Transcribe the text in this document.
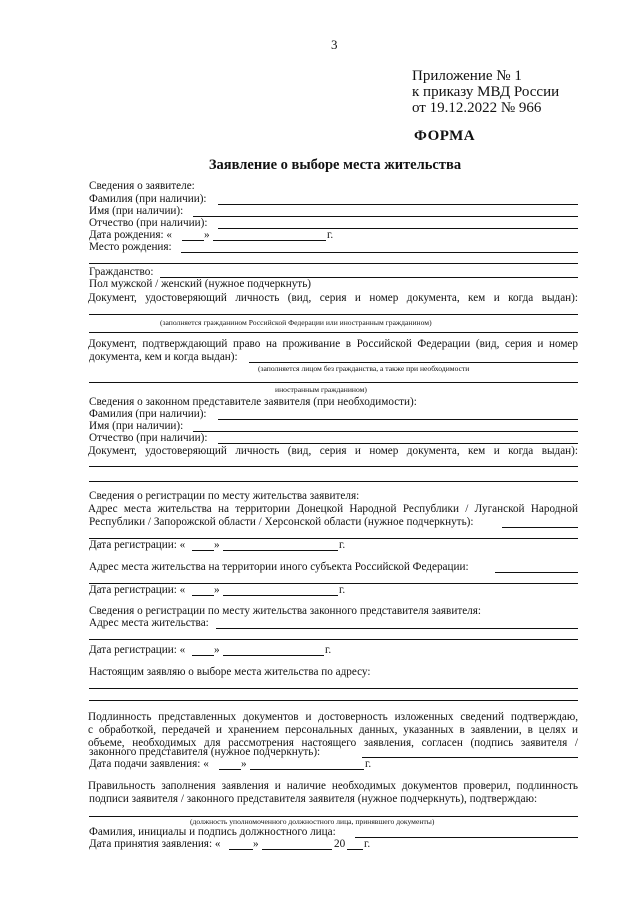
3
Приложение № 1
к приказу МВД России
от 19.12.2022 № 966
ФОРМА
Заявление о выборе места жительства
Сведения о заявителе:
Фамилия (при наличии):
Имя (при наличии):
Отчество (при наличии):
Дата рождения: «	»	г.
Место рождения:
Гражданство:
Пол мужской / женский (нужное подчеркнуть)
Документ, удостоверяющий личность (вид, серия и номер документа, кем и когда выдан):
(заполняется гражданином Российской Федерации или иностранным гражданином)
Документ, подтверждающий право на проживание в Российской Федерации (вид, серия и номер
документа, кем и когда выдан):
(заполняется лицом без гражданства, а также при необходимости
иностранным гражданином)
Сведения о законном представителе заявителя (при необходимости):
Фамилия (при наличии):
Имя (при наличии):
Отчество (при наличии):
Документ, удостоверяющий личность (вид, серия и номер документа, кем и когда выдан):
Сведения о регистрации по месту жительства заявителя:
Адрес места жительства на территории Донецкой Народной Республики / Луганской Народной
Республики / Запорожской области / Херсонской области (нужное подчеркнуть):
Дата регистрации: «	»	г.
Адрес места жительства на территории иного субъекта Российской Федерации:
Дата регистрации: «	»	г.
Сведения о регистрации по месту жительства законного представителя заявителя:
Адрес места жительства:
Дата регистрации: «	»	г.
Настоящим заявляю о выборе места жительства по адресу:
Подлинность представленных документов и достоверность изложенных сведений подтверждаю,
с обработкой, передачей и хранением персональных данных, указанных в заявлении, в целях и
объеме, необходимых для рассмотрения настоящего заявления, согласен (подпись заявителя /
законного представителя (нужное подчеркнуть):
Дата подачи заявления: «	»	г.
Правильность заполнения заявления и наличие необходимых документов проверил, подлинность
подписи заявителя / законного представителя заявителя (нужное подчеркнуть), подтверждаю:
(должность уполномоченного должностного лица, принявшего документы)
Фамилия, инициалы и подпись должностного лица:
Дата принятия заявления: «	»	20 г.
